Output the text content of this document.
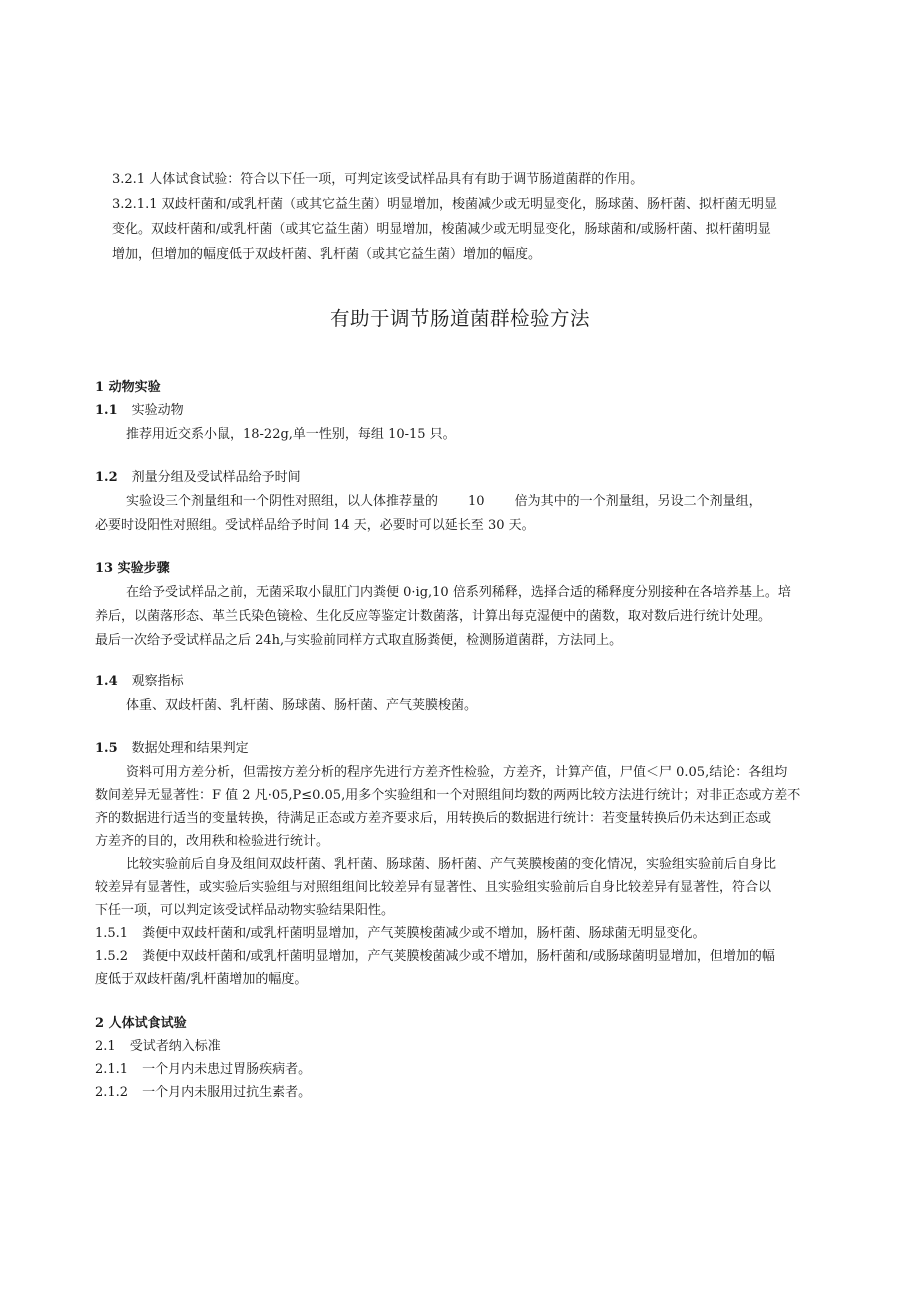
3.2.1 人体试食试验：符合以下任一项，可判定该受试样品具有有助于调节肠道菌群的作用。
3.2.1.1 双歧杆菌和/或乳杆菌（或其它益生菌）明显增加，梭菌减少或无明显变化，肠球菌、肠杆菌、拟杆菌无明显
变化。双歧杆菌和/或乳杆菌（或其它益生菌）明显增加，梭菌减少或无明显变化，肠球菌和/或肠杆菌、拟杆菌明显
增加，但增加的幅度低于双歧杆菌、乳杆菌（或其它益生菌）增加的幅度。
有助于调节肠道菌群检验方法
1 动物实验
1.1 实验动物
推荐用近交系小鼠，18-22g,单一性别，每组 10-15 只。
1.2 剂量分组及受试样品给予时间
实验设三个剂量组和一个阴性对照组，以人体推荐量的 10 倍为其中的一个剂量组，另设二个剂量组，
必要时设阳性对照组。受试样品给予时间 14 天，必要时可以延长至 30 天。
13 实验步骤
在给予受试样品之前，无菌采取小鼠肛门内粪便 0·ig,10 倍系列稀释，选择合适的稀释度分别接种在各培养基上。培
养后，以菌落形态、革兰氏染色镜检、生化反应等鉴定计数菌落，计算出每克湿便中的菌数，取对数后进行统计处理。
最后一次给予受试样品之后 24h,与实验前同样方式取直肠粪便，检测肠道菌群，方法同上。
1.4 观察指标
体重、双歧杆菌、乳杆菌、肠球菌、肠杆菌、产气荚膜梭菌。
1.5 数据处理和结果判定
资料可用方差分析，但需按方差分析的程序先进行方差齐性检验，方差齐，计算产值，尸值＜尸 0.05,结论：各组均
数间差异无显著性：F 值 2 凡·05,P≤0.05,用多个实验组和一个对照组间均数的两两比较方法进行统计；对非正态或方差不
齐的数据进行适当的变量转换，待满足正态或方差齐要求后，用转换后的数据进行统计：若变量转换后仍未达到正态或
方差齐的目的，改用秩和检验进行统计。
比较实验前后自身及组间双歧杆菌、乳杆菌、肠球菌、肠杆菌、产气荚膜梭菌的变化情况，实验组实验前后自身比
较差异有显著性，或实验后实验组与对照组组间比较差异有显著性、且实验组实验前后自身比较差异有显著性，符合以
下任一项，可以判定该受试样品动物实验结果阳性。
1.5.1 粪便中双歧杆菌和/或乳杆菌明显增加，产气荚膜梭菌减少或不增加，肠杆菌、肠球菌无明显变化。
1.5.2 粪便中双歧杆菌和/或乳杆菌明显增加，产气荚膜梭菌减少或不增加，肠杆菌和/或肠球菌明显增加，但增加的幅
度低于双歧杆菌/乳杆菌增加的幅度。
2 人体试食试验
2.1 受试者纳入标准
2.1.1 一个月内未患过胃肠疾病者。
2.1.2 一个月内未服用过抗生素者。
